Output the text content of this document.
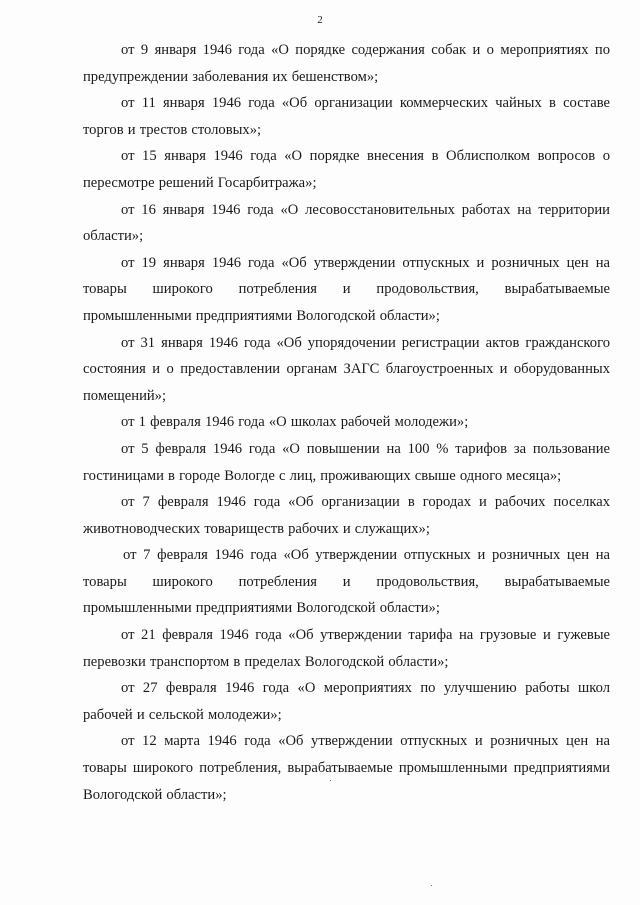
2

от 9 января 1946 года «О порядке содержания собак и о мероприятиях по предупреждении заболевания их бешенством»;

от 11 января 1946 года «Об организации коммерческих чайных в составе торгов и трестов столовых»;

от 15 января 1946 года «О порядке внесения в Облисполком вопросов о пересмотре решений Госарбитража»;

от 16 января 1946 года «О лесовосстановительных работах на территории области»;

от 19 января 1946 года «Об утверждении отпускных и розничных цен на товары широкого потребления и продовольствия, вырабатываемые промышленными предприятиями Вологодской области»;

от 31 января 1946 года «Об упорядочении регистрации актов гражданского состояния и о предоставлении органам ЗАГС благоустроенных и оборудованных помещений»;

от 1 февраля 1946 года «О школах рабочей молодежи»;

от 5 февраля 1946 года «О повышении на 100 % тарифов за пользование гостиницами в городе Вологде с лиц, проживающих свыше одного месяца»;

от 7 февраля 1946 года «Об организации в городах и рабочих поселках животноводческих товариществ рабочих и служащих»;

от 7 февраля 1946 года «Об утверждении отпускных и розничных цен на товары широкого потребления и продовольствия, вырабатываемые промышленными предприятиями Вологодской области»;

от 21 февраля 1946 года «Об утверждении тарифа на грузовые и гужевые перевозки транспортом в пределах Вологодской области»;

от 27 февраля 1946 года «О мероприятиях по улучшению работы школ рабочей и сельской молодежи»;

от 12 марта 1946 года «Об утверждении отпускных и розничных цен на товары широкого потребления, вырабатываемые промышленными предприятиями Вологодской области»;
